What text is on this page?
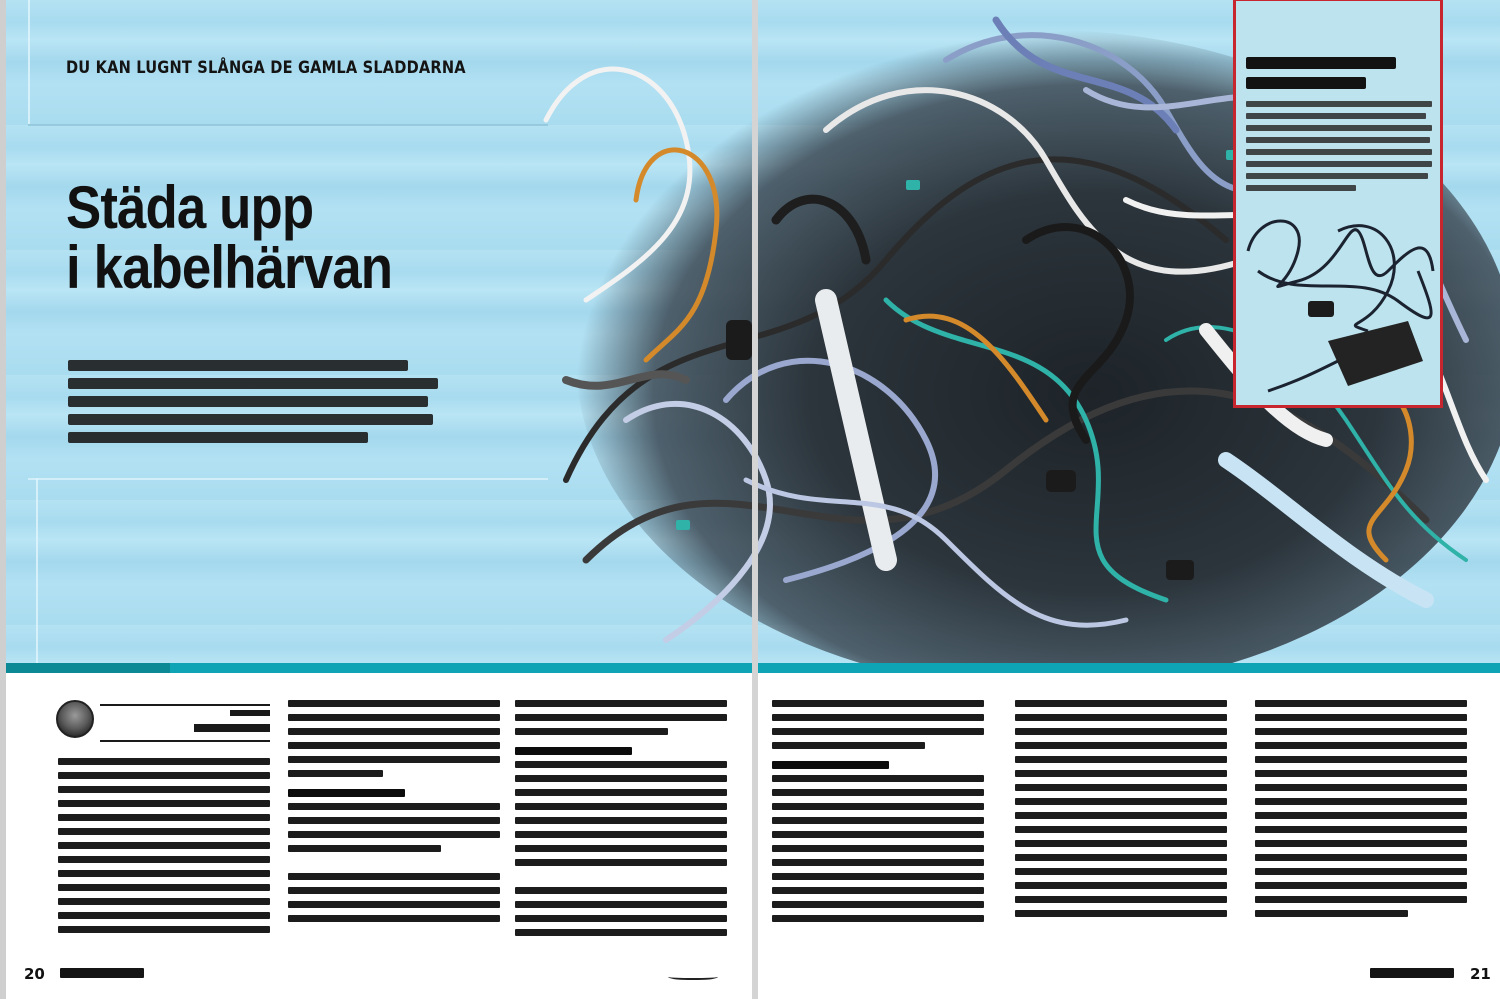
DU KAN LUGNT SLÅNGA DE GAMLA SLADDARNA
Städa upp
i kabelhärvan
20	21
